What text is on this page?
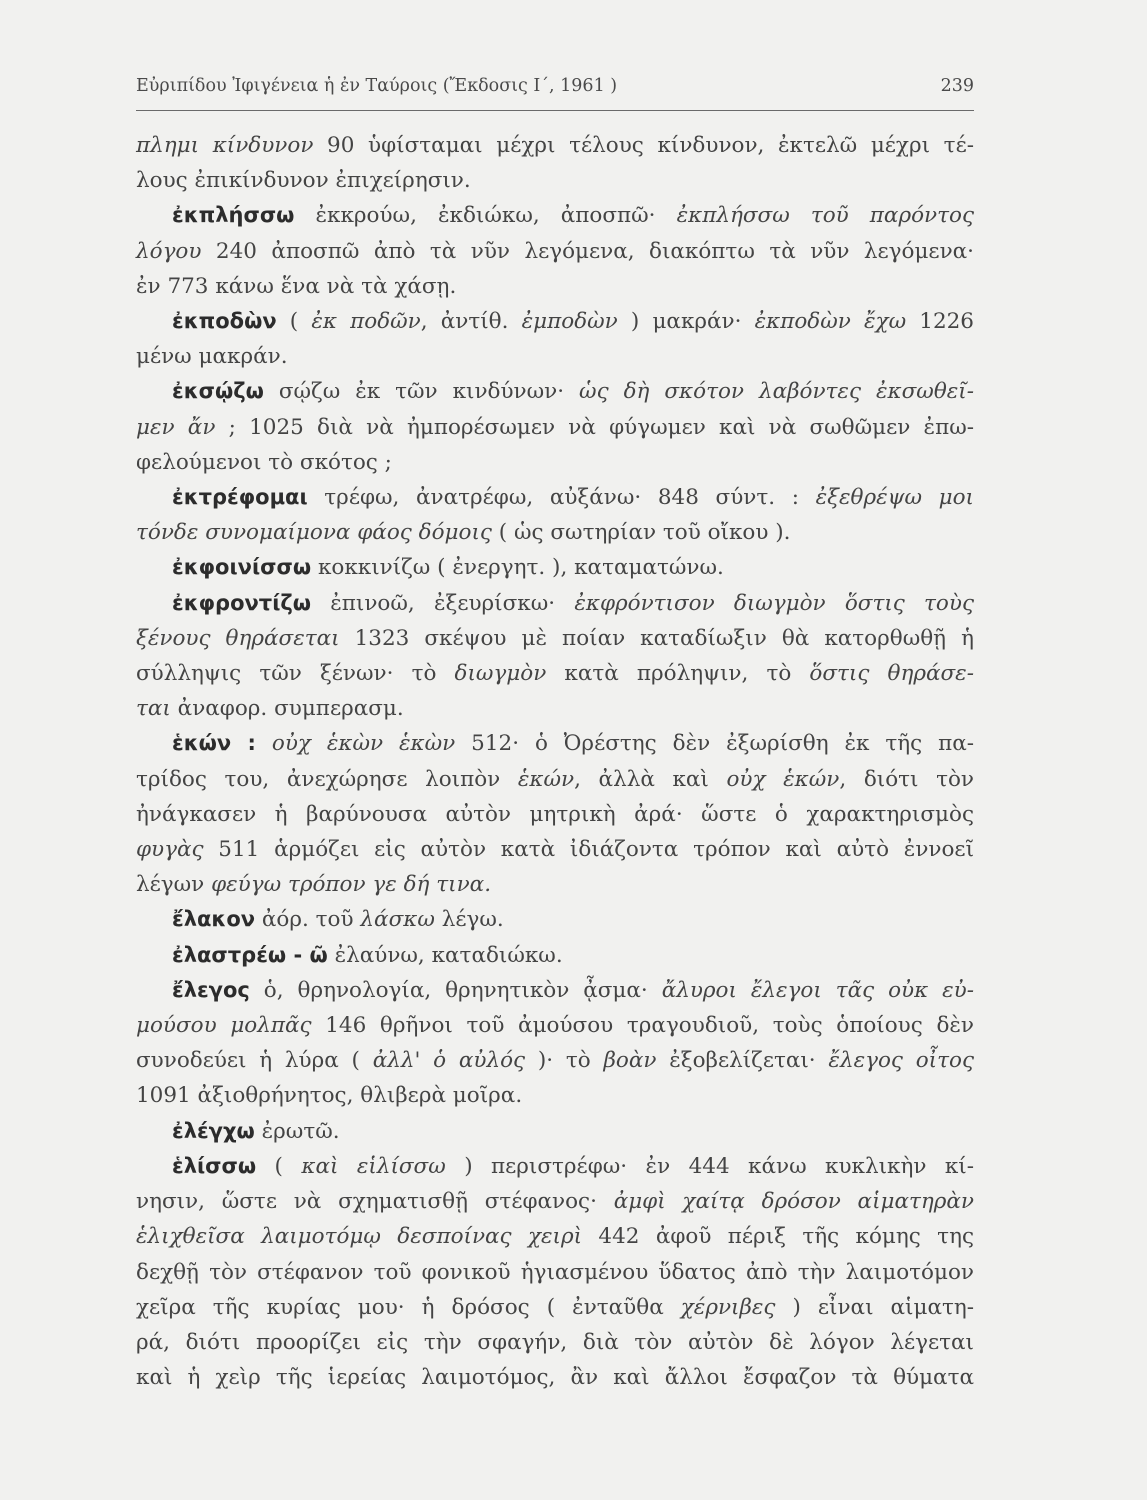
Εὐριπίδου Ἰφιγένεια ἡ ἐν Ταύροις (Ἔκδοσις Ι΄, 1961 )	239
πλημι κίνδυνον 90 ὑφίσταμαι μέχρι τέλους κίνδυνον, ἐκτελῶ μέχρι τέ-
λους ἐπικίνδυνον ἐπιχείρησιν.
ἐκπλήσσω ἐκκρούω, ἐκδιώκω, ἀποσπῶ· ἐκπλήσσω τοῦ παρόντος
λόγου 240 ἀποσπῶ ἀπὸ τὰ νῦν λεγόμενα, διακόπτω τὰ νῦν λεγόμενα·
ἐν 773 κάνω ἕνα νὰ τὰ χάσῃ.
ἐκποδὼν ( ἐκ ποδῶν, ἀντίθ. ἐμποδὼν ) μακράν· ἐκποδὼν ἔχω 1226
μένω μακράν.
ἐκσῴζω σῴζω ἐκ τῶν κινδύνων· ὡς δὴ σκότον λαβόντες ἐκσωθεῖ-
μεν ἄν ; 1025 διὰ νὰ ἠμπορέσωμεν νὰ φύγωμεν καὶ νὰ σωθῶμεν ἐπω-
φελούμενοι τὸ σκότος ;
ἐκτρέφομαι τρέφω, ἀνατρέφω, αὐξάνω· 848 σύντ. : ἐξεθρέψω μοι
τόνδε συνομαίμονα φάος δόμοις ( ὡς σωτηρίαν τοῦ οἴκου ).
ἐκφοινίσσω κοκκινίζω ( ἐνεργητ. ), καταματώνω.
ἐκφροντίζω ἐπινοῶ, ἐξευρίσκω· ἐκφρόντισον διωγμὸν ὅστις τοὺς
ξένους θηράσεται 1323 σκέψου μὲ ποίαν καταδίωξιν θὰ κατορθωθῇ ἡ
σύλληψις τῶν ξένων· τὸ διωγμὸν κατὰ πρόληψιν, τὸ ὅστις θηράσε-
ται ἀναφορ. συμπερασμ.
ἑκών : οὐχ ἑκὼν ἑκὼν 512· ὁ Ὀρέστης δὲν ἐξωρίσθη ἐκ τῆς πα-
τρίδος του, ἀνεχώρησε λοιπὸν ἑκών, ἀλλὰ καὶ οὐχ ἑκών, διότι τὸν
ἠνάγκασεν ἡ βαρύνουσα αὐτὸν μητρικὴ ἀρά· ὥστε ὁ χαρακτηρισμὸς
φυγὰς 511 ἁρμόζει εἰς αὐτὸν κατὰ ἰδιάζοντα τρόπον καὶ αὐτὸ ἐννοεῖ
λέγων φεύγω τρόπον γε δή τινα.
ἔλακον ἀόρ. τοῦ λάσκω λέγω.
ἐλαστρέω - ῶ ἐλαύνω, καταδιώκω.
ἔλεγος ὁ, θρηνολογία, θρηνητικὸν ᾆσμα· ἄλυροι ἔλεγοι τᾶς οὐκ εὐ-
μούσου μολπᾶς 146 θρῆνοι τοῦ ἀμούσου τραγουδιοῦ, τοὺς ὁποίους δὲν
συνοδεύει ἡ λύρα ( ἀλλ' ὁ αὐλός )· τὸ βοὰν ἐξοβελίζεται· ἔλεγος οἶτος
1091 ἀξιοθρήνητος, θλιβερὰ μοῖρα.
ἐλέγχω ἐρωτῶ.
ἑλίσσω ( καὶ εἱλίσσω ) περιστρέφω· ἐν 444 κάνω κυκλικὴν κί-
νησιν, ὥστε νὰ σχηματισθῇ στέφανος· ἀμφὶ χαίτᾳ δρόσον αἱματηρὰν
ἑλιχθεῖσα λαιμοτόμῳ δεσποίνας χειρὶ 442 ἀφοῦ πέριξ τῆς κόμης της
δεχθῇ τὸν στέφανον τοῦ φονικοῦ ἡγιασμένου ὕδατος ἀπὸ τὴν λαιμοτόμον
χεῖρα τῆς κυρίας μου· ἡ δρόσος ( ἐνταῦθα χέρνιβες ) εἶναι αἱματη-
ρά, διότι προορίζει εἰς τὴν σφαγήν, διὰ τὸν αὐτὸν δὲ λόγον λέγεται
καὶ ἡ χεὶρ τῆς ἱερείας λαιμοτόμος, ἂν καὶ ἄλλοι ἔσφαζον τὰ θύματα
